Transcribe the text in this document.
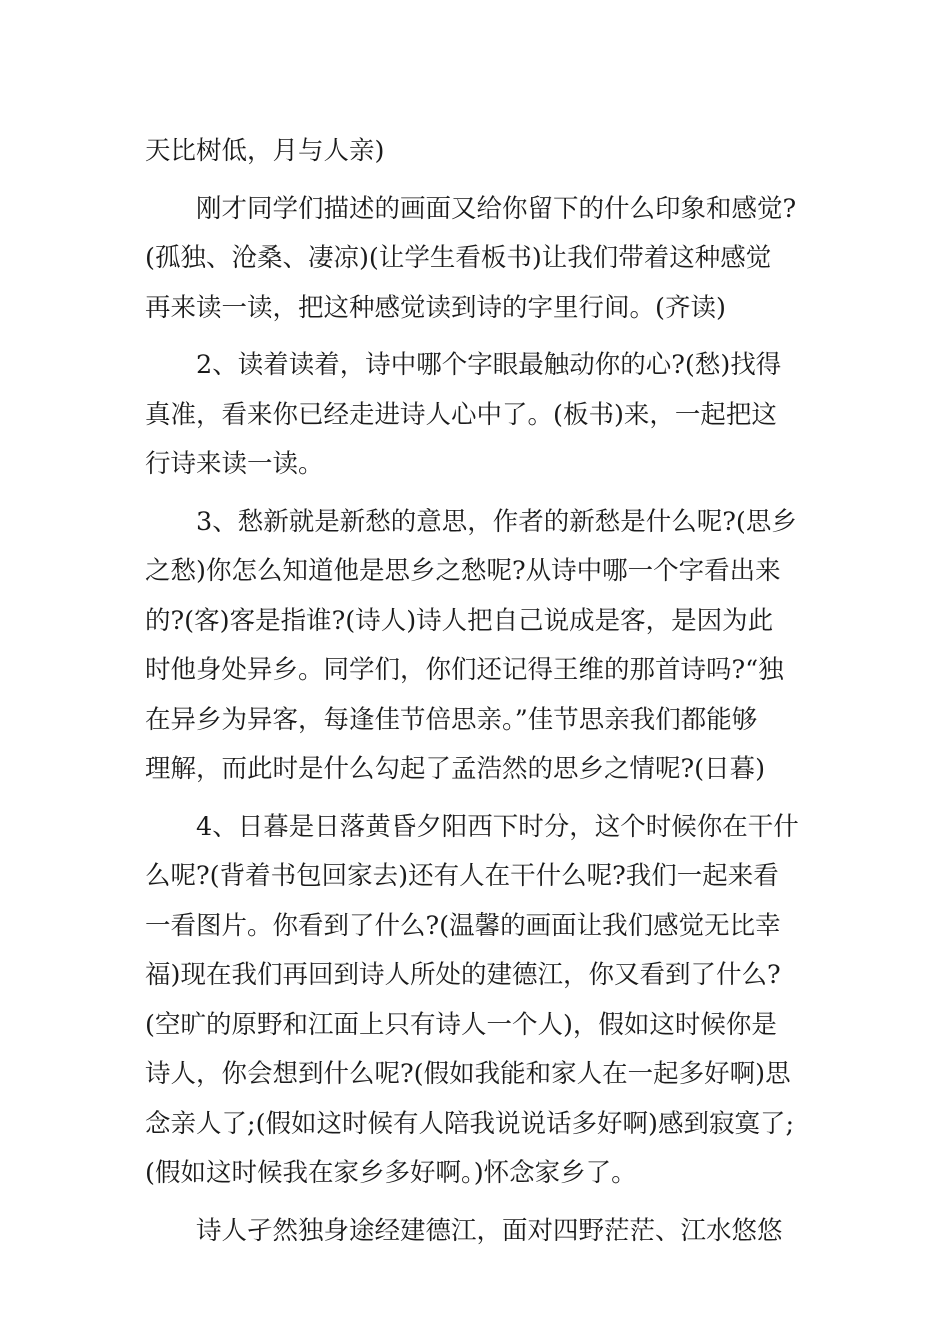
天比树低，月与人亲)
刚才同学们描述的画面又给你留下的什么印象和感觉?
(孤独、沧桑、凄凉)(让学生看板书)让我们带着这种感觉
再来读一读，把这种感觉读到诗的字里行间。(齐读)
2、读着读着，诗中哪个字眼最触动你的心?(愁)找得
真准，看来你已经走进诗人心中了。(板书)来，一起把这
行诗来读一读。
3、愁新就是新愁的意思，作者的新愁是什么呢?(思乡
之愁)你怎么知道他是思乡之愁呢?从诗中哪一个字看出来
的?(客)客是指谁?(诗人)诗人把自己说成是客，是因为此
时他身处异乡。同学们，你们还记得王维的那首诗吗?“独
在异乡为异客，每逢佳节倍思亲。”佳节思亲我们都能够
理解，而此时是什么勾起了孟浩然的思乡之情呢?(日暮)
4、日暮是日落黄昏夕阳西下时分，这个时候你在干什
么呢?(背着书包回家去)还有人在干什么呢?我们一起来看
一看图片。你看到了什么?(温馨的画面让我们感觉无比幸
福)现在我们再回到诗人所处的建德江，你又看到了什么?
(空旷的原野和江面上只有诗人一个人)，假如这时候你是
诗人，你会想到什么呢?(假如我能和家人在一起多好啊)思
念亲人了;(假如这时候有人陪我说说话多好啊)感到寂寞了;
(假如这时候我在家乡多好啊。)怀念家乡了。
诗人孑然独身途经建德江，面对四野茫茫、江水悠悠
